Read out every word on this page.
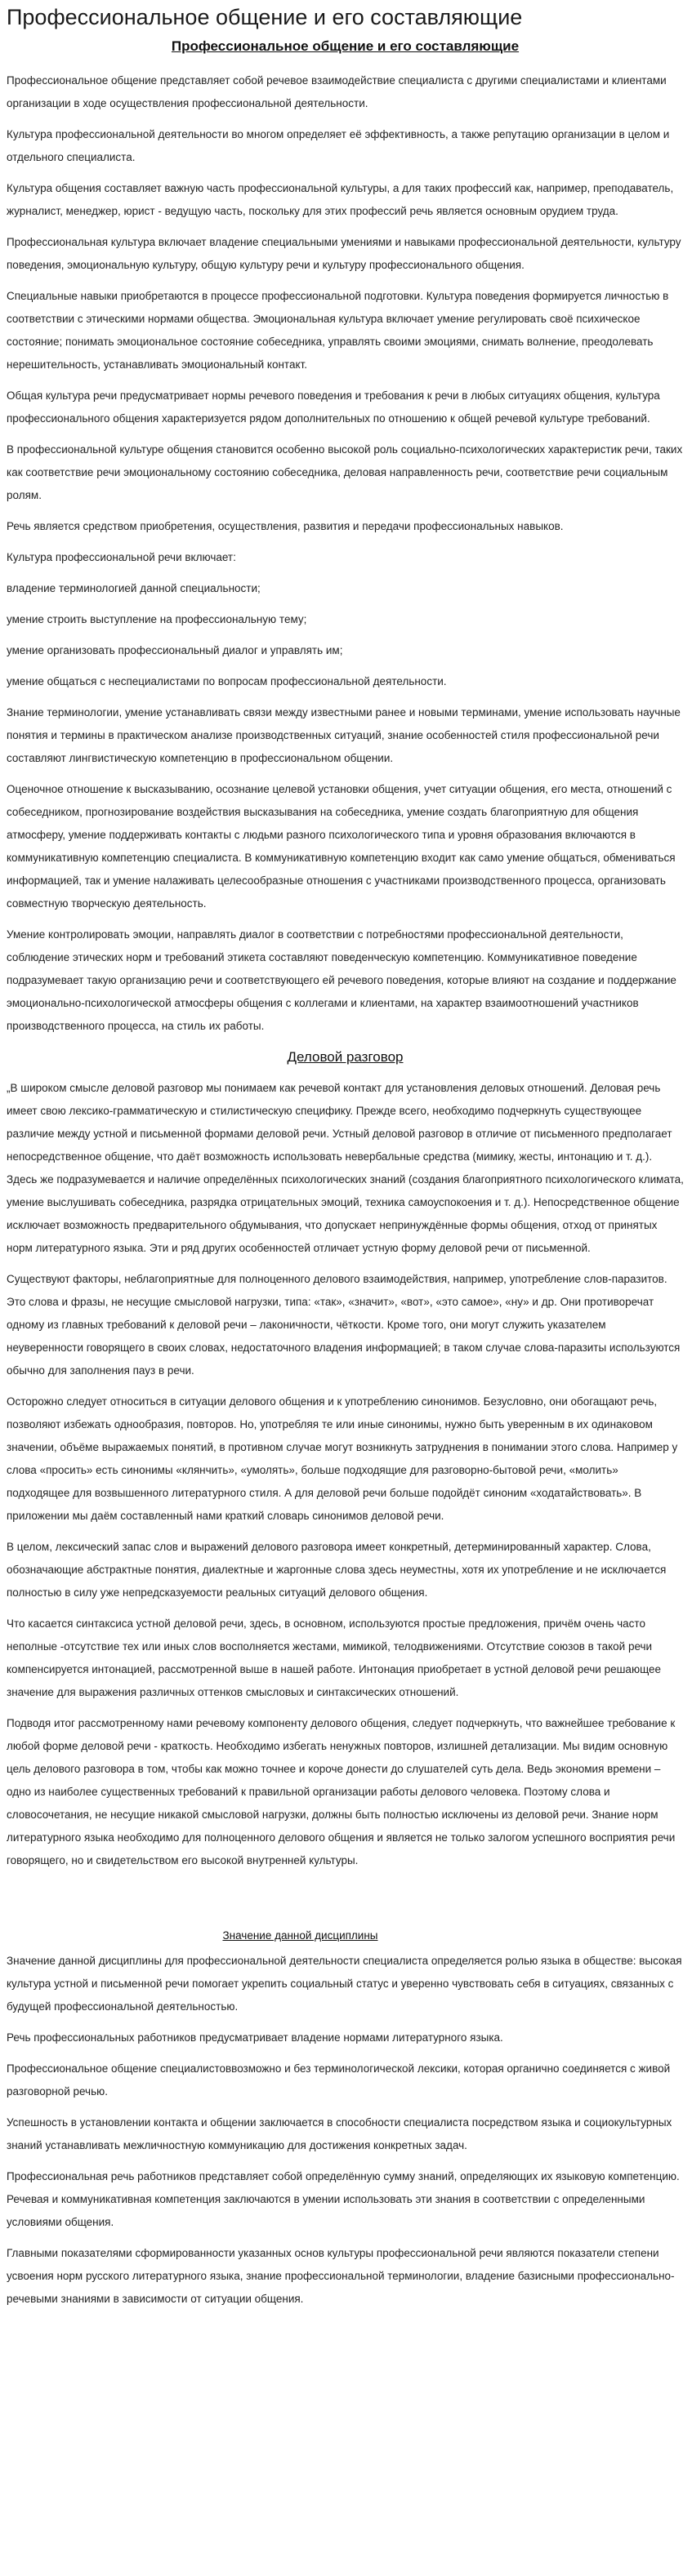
Профессиональное общение и его составляющие
Профессиональное общение и его составляющие

Профессиональное общение представляет собой речевое взаимодействие специалиста с другими специалистами и клиентами организации в ходе осуществления профессиональной деятельности.

Культура профессиональной деятельности во многом определяет её эффективность, а также репутацию организации в целом и отдельного специалиста.

Культура общения составляет важную часть профессиональной культуры, а для таких профессий как, например, преподаватель, журналист, менеджер, юрист - ведущую часть, поскольку для этих профессий речь является основным орудием труда.

Профессиональная культура включает владение специальными умениями и навыками профессиональной деятельности, культуру поведения, эмоциональную культуру, общую культуру речи и культуру профессионального общения.

Специальные навыки приобретаются в процессе профессиональной подготовки. Культура поведения формируется личностью в соответствии с этическими нормами общества. Эмоциональная культура включает умение регулировать своё психическое состояние; понимать эмоциональное состояние собеседника, управлять своими эмоциями, снимать волнение, преодолевать нерешительность, устанавливать эмоциональный контакт.

Общая культура речи предусматривает нормы речевого поведения и требования к речи в любых ситуациях общения, культура профессионального общения характеризуется рядом дополнительных по отношению к общей речевой культуре требований.

В профессиональной культуре общения становится особенно высокой роль социально-психологических характеристик речи, таких как соответствие речи эмоциональному состоянию собеседника, деловая направленность речи, соответствие речи социальным ролям.

Речь является средством приобретения, осуществления, развития и передачи профессиональных навыков.

Культура профессиональной речи включает:

владение терминологией данной специальности;

умение строить выступление на профессиональную тему;

умение организовать профессиональный диалог и управлять им;

умение общаться с неспециалистами по вопросам профессиональной деятельности.

Знание терминологии, умение устанавливать связи между известными ранее и новыми терминами, умение использовать научные понятия и термины в практическом анализе производственных ситуаций, знание особенностей стиля профессиональной речи составляют лингвистическую компетенцию в профессиональном общении.

Оценочное отношение к высказыванию, осознание целевой установки общения, учет ситуации общения, его места, отношений с собеседником, прогнозирование воздействия высказывания на собеседника, умение создать благоприятную для общения атмосферу, умение поддерживать контакты с людьми разного психологического типа и уровня образования включаются в коммуникативную компетенцию специалиста. В коммуникативную компетенцию входит как само умение общаться, обмениваться информацией, так и умение налаживать целесообразные отношения с участниками производственного процесса, организовать совместную творческую деятельность.

Умение контролировать эмоции, направлять диалог в соответствии с потребностями профессиональной деятельности, соблюдение этических норм и требований этикета составляют поведенческую компетенцию. Коммуникативное поведение подразумевает такую организацию речи и соответствующего ей речевого поведения, которые влияют на создание и поддержание эмоционально-психологической атмосферы общения с коллегами и клиентами, на характер взаимоотношений участников производственного процесса, на стиль их работы.

Деловой разговор

„В широком смысле деловой разговор мы понимаем как речевой контакт для установления деловых отношений. Деловая речь имеет свою лексико-грамматическую и стилистическую специфику. Прежде всего, необходимо подчеркнуть существующее различие между устной и письменной формами деловой речи. Устный деловой разговор в отличие от письменного предполагает непосредственное общение, что даёт возможность использовать невербальные средства (мимику, жесты, интонацию и т. д.). Здесь же подразумевается и наличие определённых психологических знаний (создания благоприятного психологического климата, умение выслушивать собеседника, разрядка отрицательных эмоций, техника самоуспокоения и т. д.). Непосредственное общение исключает возможность предварительного обдумывания, что допускает непринуждённые формы общения, отход от принятых норм литературного языка. Эти и ряд других особенностей отличает устную форму деловой речи от письменной.

Существуют факторы, неблагоприятные для полноценного делового взаимодействия, например, употребление слов-паразитов. Это слова и фразы, не несущие смысловой нагрузки, типа: «так», «значит», «вот», «это самое», «ну» и др. Они противоречат одному из главных требований к деловой речи – лаконичности, чёткости. Кроме того, они могут служить указателем неуверенности говорящего в своих словах, недостаточного владения информацией; в таком случае слова-паразиты используются обычно для заполнения пауз в речи.

Осторожно следует относиться в ситуации делового общения и к употреблению синонимов. Безусловно, они обогащают речь, позволяют избежать однообразия, повторов. Но, употребляя те или иные синонимы, нужно быть уверенным в их одинаковом значении, объёме выражаемых понятий, в противном случае могут возникнуть затруднения в понимании этого слова. Например у слова «просить» есть синонимы «клянчить», «умолять», больше подходящие для разговорно-бытовой речи, «молить» подходящее для возвышенного литературного стиля. А для деловой речи больше подойдёт синоним «ходатайствовать». В приложении мы даём составленный нами краткий словарь синонимов деловой речи.

В целом, лексический запас слов и выражений делового разговора имеет конкретный, детерминированный характер. Слова, обозначающие абстрактные понятия, диалектные и жаргонные слова здесь неуместны, хотя их употребление и не исключается полностью в силу уже непредсказуемости реальных ситуаций делового общения.

Что касается синтаксиса устной деловой речи, здесь, в основном, используются простые предложения, причём очень часто неполные -отсутствие тех или иных слов восполняется жестами, мимикой, телодвижениями. Отсутствие союзов в такой речи компенсируется интонацией, рассмотренной выше в нашей работе. Интонация приобретает в устной деловой речи решающее значение для выражения различных оттенков смысловых и синтаксических отношений.

Подводя итог рассмотренному нами речевому компоненту делового общения, следует подчеркнуть, что важнейшее требование к любой форме деловой речи - краткость. Необходимо избегать ненужных повторов, излишней детализации. Мы видим основную цель делового разговора в том, чтобы как можно точнее и короче донести до слушателей суть дела. Ведь экономия времени – одно из наиболее существенных требований к правильной организации работы делового человека. Поэтому слова и словосочетания, не несущие никакой смысловой нагрузки, должны быть полностью исключены из деловой речи. Знание норм литературного языка необходимо для полноценного делового общения и является не только залогом успешного восприятия речи говорящего, но и свидетельством его высокой внутренней культуры.

Значение данной дисциплины

Значение данной дисциплины для профессиональной деятельности специалиста определяется ролью языка в обществе: высокая культура устной и письменной речи помогает укрепить социальный статус и уверенно чувствовать себя в ситуациях, связанных с будущей профессиональной деятельностью.

Речь профессиональных работников предусматривает владение нормами литературного языка.

Профессиональное общение специалистоввозможно и без терминологической лексики, которая органично соединяется с живой разговорной речью.

Успешность в установлении контакта и общении заключается в способности специалиста посредством языка и социокультурных знаний устанавливать межличностную коммуникацию для достижения конкретных задач.

Профессиональная речь работников представляет собой определённую сумму знаний, определяющих их языковую компетенцию. Речевая и коммуникативная компетенция заключаются в умении использовать эти знания в соответствии с определенными условиями общения.

Главными показателями сформированности указанных основ культуры профессиональной речи являются показатели степени усвоения норм русского литературного языка, знание профессиональной терминологии, владение базисными профессионально-речевыми знаниями в зависимости от ситуации общения.
